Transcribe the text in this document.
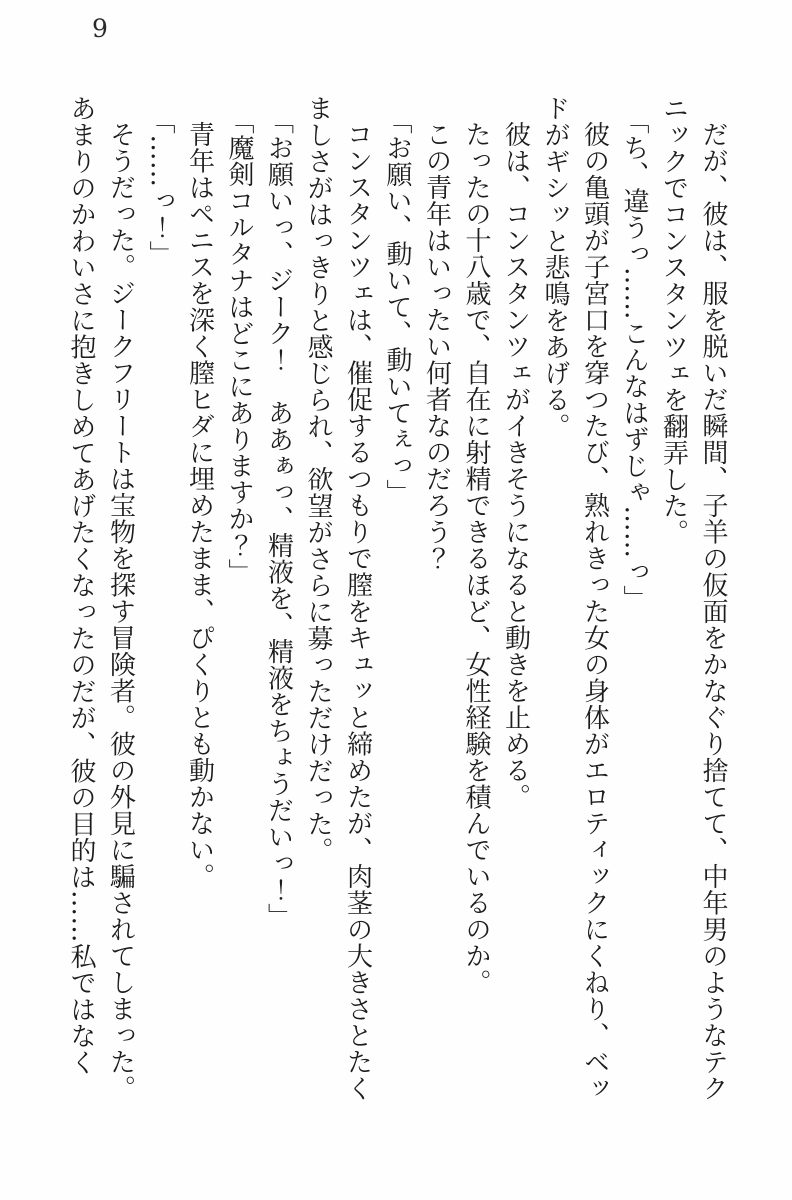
9

だが、彼は、服を脱いだ瞬間、子羊の仮面をかなぐり捨てて、中年男のようなテク

ニックでコンスタンツェを翻弄した。

「ち、違うっ……こんなはずじゃ……っ」

彼の亀頭が子宮口を穿つたび、熟れきった女の身体がエロティックにくねり、ベッ

ドがギシッと悲鳴をあげる。

彼は、コンスタンツェがイきそうになると動きを止める。

たったの十八歳で、自在に射精できるほど、女性経験を積んでいるのか。

この青年はいったい何者なのだろう？

「お願い、動いて、動いてぇっ」

コンスタンツェは、催促するつもりで膣をキュッと締めたが、肉茎の大きさとたく

ましさがはっきりと感じられ、欲望がさらに募っただけだった。

「お願いっ、ジーク！　ああぁっ、精液を、精液をちょうだいっ！」

「魔剣コルタナはどこにありますか？」

青年はペニスを深く膣ヒダに埋めたまま、ぴくりとも動かない。

「……っ！」

そうだった。ジークフリートは宝物を探す冒険者。彼の外見に騙されてしまった。

あまりのかわいさに抱きしめてあげたくなったのだが、彼の目的は……私ではなく
